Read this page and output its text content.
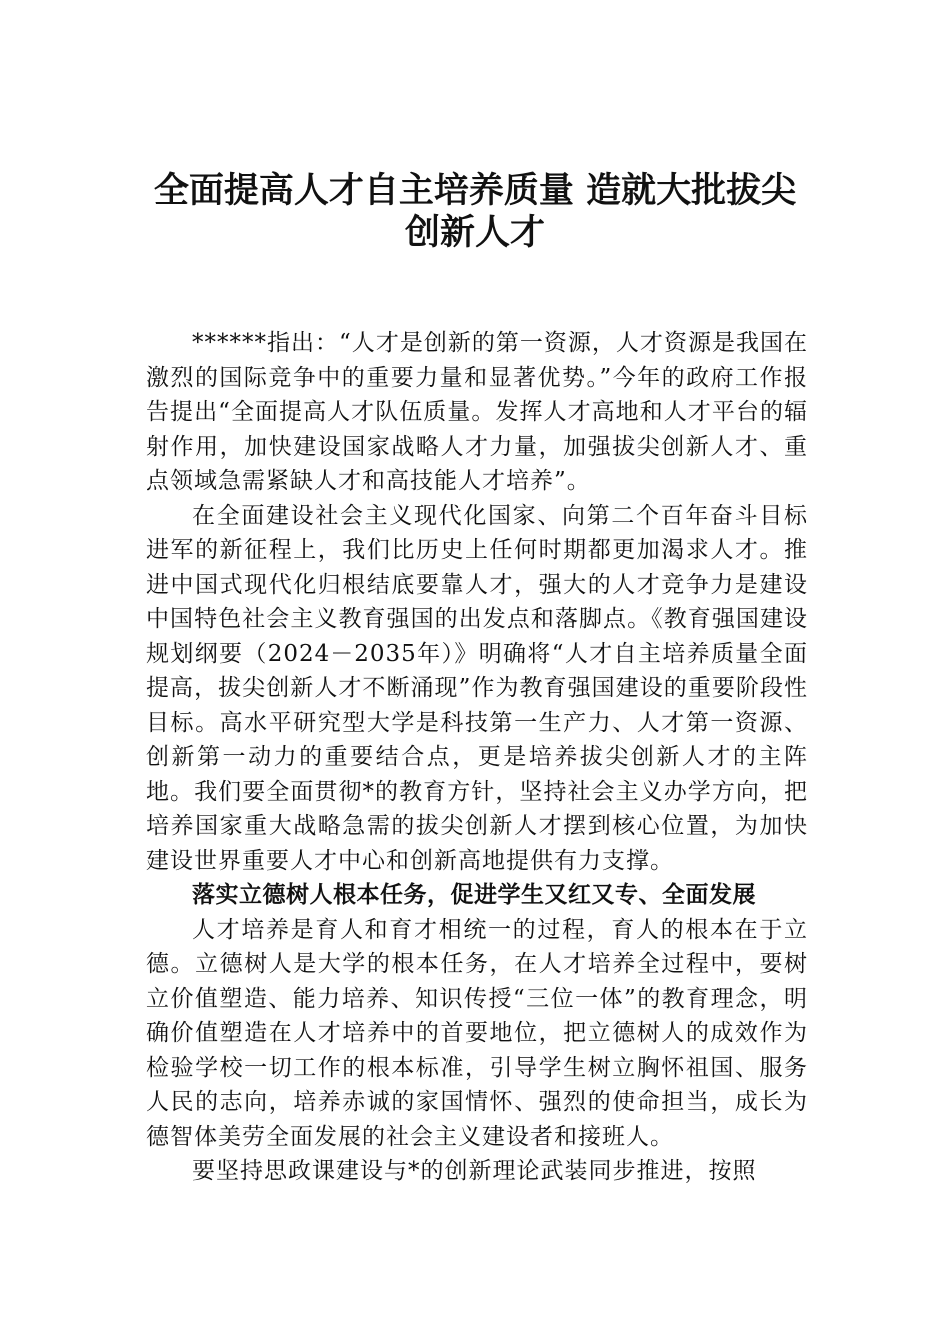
全面提高人才自主培养质量 造就大批拔尖
创新人才

******指出：“人才是创新的第一资源，人才资源是我国在激烈的国际竞争中的重要力量和显著优势。”今年的政府工作报告提出“全面提高人才队伍质量。发挥人才高地和人才平台的辐射作用，加快建设国家战略人才力量，加强拔尖创新人才、重点领域急需紧缺人才和高技能人才培养”。

在全面建设社会主义现代化国家、向第二个百年奋斗目标进军的新征程上，我们比历史上任何时期都更加渴求人才。推进中国式现代化归根结底要靠人才，强大的人才竞争力是建设中国特色社会主义教育强国的出发点和落脚点。《教育强国建设规划纲要（2024－2035年）》明确将“人才自主培养质量全面提高，拔尖创新人才不断涌现”作为教育强国建设的重要阶段性目标。高水平研究型大学是科技第一生产力、人才第一资源、创新第一动力的重要结合点，更是培养拔尖创新人才的主阵地。我们要全面贯彻*的教育方针，坚持社会主义办学方向，把培养国家重大战略急需的拔尖创新人才摆到核心位置，为加快建设世界重要人才中心和创新高地提供有力支撑。

落实立德树人根本任务，促进学生又红又专、全面发展

人才培养是育人和育才相统一的过程，育人的根本在于立德。立德树人是大学的根本任务，在人才培养全过程中，要树立价值塑造、能力培养、知识传授“三位一体”的教育理念，明确价值塑造在人才培养中的首要地位，把立德树人的成效作为检验学校一切工作的根本标准，引导学生树立胸怀祖国、服务人民的志向，培养赤诚的家国情怀、强烈的使命担当，成长为德智体美劳全面发展的社会主义建设者和接班人。

要坚持思政课建设与*的创新理论武装同步推进，按照
